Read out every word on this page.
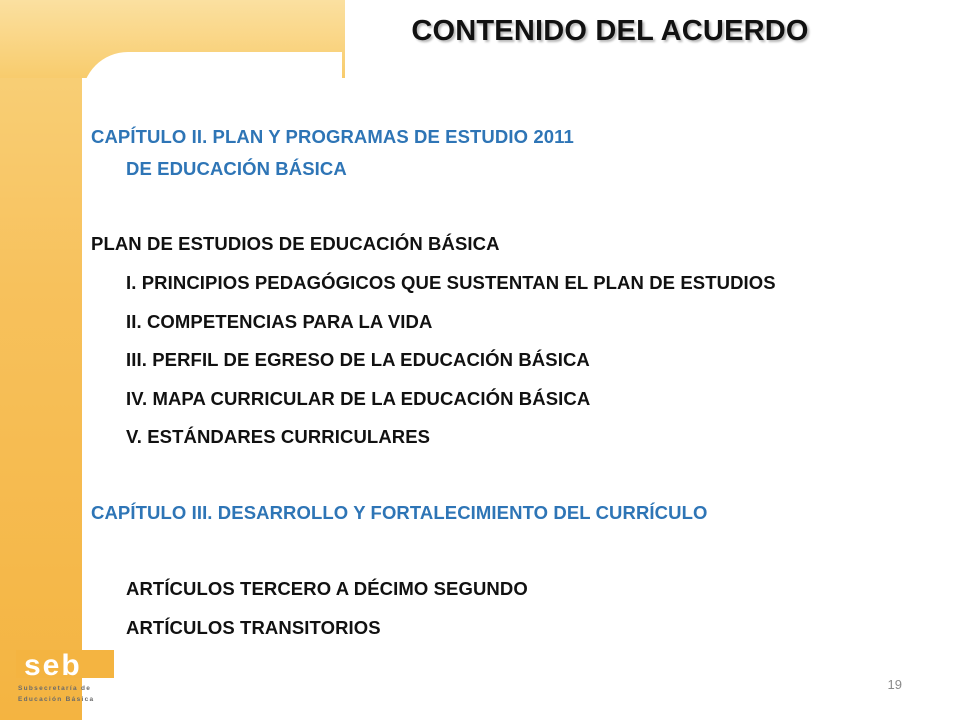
CONTENIDO DEL ACUERDO
CAPÍTULO II. PLAN Y PROGRAMAS DE ESTUDIO 2011
DE EDUCACIÓN BÁSICA
PLAN DE ESTUDIOS DE EDUCACIÓN BÁSICA
I. PRINCIPIOS PEDAGÓGICOS QUE SUSTENTAN EL PLAN DE ESTUDIOS
II. COMPETENCIAS PARA LA VIDA
III. PERFIL DE EGRESO DE LA EDUCACIÓN BÁSICA
IV. MAPA CURRICULAR DE LA EDUCACIÓN BÁSICA
V. ESTÁNDARES CURRICULARES
CAPÍTULO III. DESARROLLO Y FORTALECIMIENTO DEL CURRÍCULO
ARTÍCULOS TERCERO A DÉCIMO SEGUNDO
ARTÍCULOS TRANSITORIOS
19
seb
Subsecretaría de
Educación Básica
